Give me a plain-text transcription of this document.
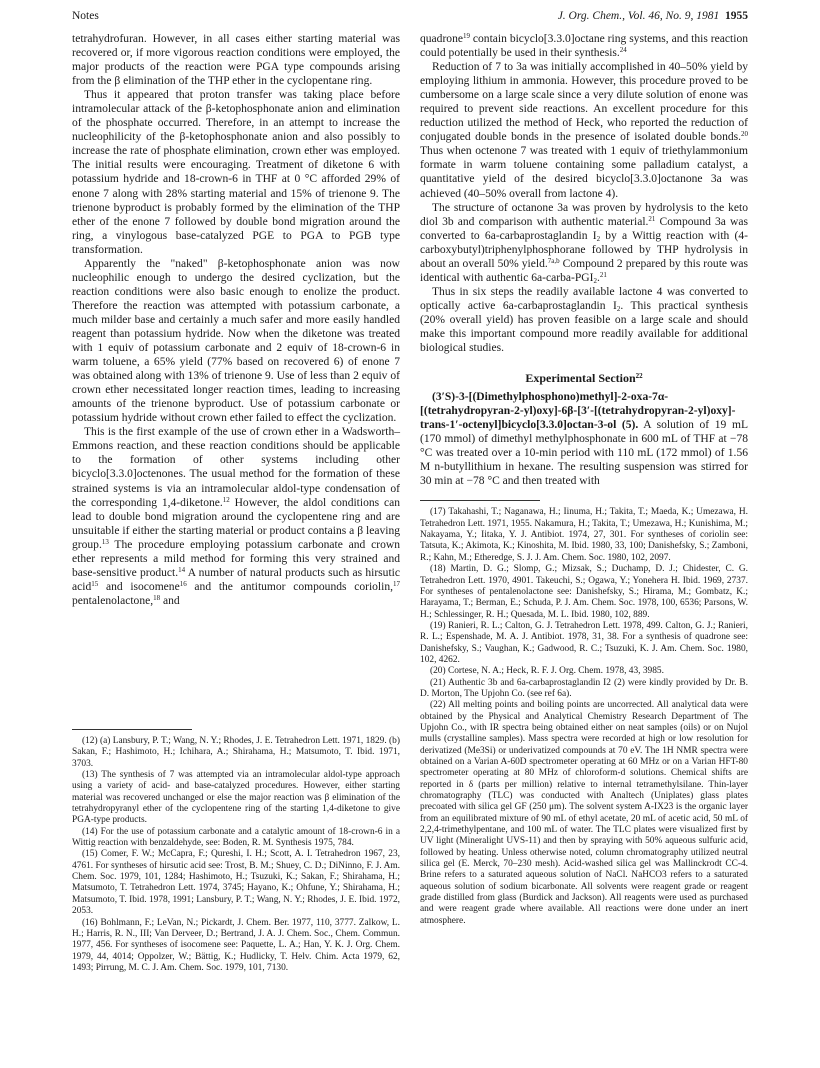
Notes	J. Org. Chem., Vol. 46, No. 9, 1981 1955

tetrahydrofuran. However, in all cases either starting material was recovered or, if more vigorous reaction conditions were employed, the major products of the reaction were PGA type compounds arising from the β elimination of the THP ether in the cyclopentane ring.

Thus it appeared that proton transfer was taking place before intramolecular attack of the β-ketophosphonate anion and elimination of the phosphate occurred. Therefore, in an attempt to increase the nucleophilicity of the β-ketophosphonate anion and also possibly to increase the rate of phosphate elimination, crown ether was employed. The initial results were encouraging. Treatment of diketone 6 with potassium hydride and 18-crown-6 in THF at 0 °C afforded 29% of enone 7 along with 28% starting material and 15% of trienone 9. The trienone byproduct is probably formed by the elimination of the THP ether of the enone 7 followed by double bond migration around the ring, a vinylogous base-catalyzed PGE to PGA to PGB type transformation.

Apparently the "naked" β-ketophosphonate anion was now nucleophilic enough to undergo the desired cyclization, but the reaction conditions were also basic enough to enolize the product. Therefore the reaction was attempted with potassium carbonate, a much milder base and certainly a much safer and more easily handled reagent than potassium hydride. Now when the diketone was treated with 1 equiv of potassium carbonate and 2 equiv of 18-crown-6 in warm toluene, a 65% yield (77% based on recovered 6) of enone 7 was obtained along with 13% of trienone 9. Use of less than 2 equiv of crown ether necessitated longer reaction times, leading to increasing amounts of the trienone byproduct. Use of potassium carbonate or potassium hydride without crown ether failed to effect the cyclization.

This is the first example of the use of crown ether in a Wadsworth–Emmons reaction, and these reaction conditions should be applicable to the formation of other systems including other bicyclo[3.3.0]octenones. The usual method for the formation of these strained systems is via an intramolecular aldol-type condensation of the corresponding 1,4-diketone.$^{12}$ However, the aldol conditions can lead to double bond migration around the cyclopentene ring and are unsuitable if either the starting material or product contains a β leaving group.$^{13}$ The procedure employing potassium carbonate and crown ether represents a mild method for forming this very strained and base-sensitive product.$^{14}$ A number of natural products such as hirsutic acid$^{15}$ and isocomene$^{16}$ and the antitumor compounds coriolin,$^{17}$ pentalenolactone,$^{18}$ and

(12) (a) Lansbury, P. T.; Wang, N. Y.; Rhodes, J. E. Tetrahedron Lett. 1971, 1829. (b) Sakan, F.; Hashimoto, H.; Ichihara, A.; Shirahama, H.; Matsumoto, T. Ibid. 1971, 3703.

(13) The synthesis of 7 was attempted via an intramolecular aldol-type approach using a variety of acid- and base-catalyzed procedures. However, either starting material was recovered unchanged or else the major reaction was β elimination of the tetrahydropyranyl ether of the cyclopentene ring of the starting 1,4-diketone to give PGA-type products.

(14) For the use of potassium carbonate and a catalytic amount of 18-crown-6 in a Wittig reaction with benzaldehyde, see: Boden, R. M. Synthesis 1975, 784.

(15) Comer, F. W.; McCapra, F.; Qureshi, I. H.; Scott, A. I. Tetrahedron 1967, 23, 4761. For syntheses of hirsutic acid see: Trost, B. M.; Shuey, C. D.; DiNinno, F. J. Am. Chem. Soc. 1979, 101, 1284; Hashimoto, H.; Tsuzuki, K.; Sakan, F.; Shirahama, H.; Matsumoto, T. Tetrahedron Lett. 1974, 3745; Hayano, K.; Ohfune, Y.; Shirahama, H.; Matsumoto, T. Ibid. 1978, 1991; Lansbury, P. T.; Wang, N. Y.; Rhodes, J. E. Ibid. 1972, 2053.

(16) Bohlmann, F.; LeVan, N.; Pickardt, J. Chem. Ber. 1977, 110, 3777. Zalkow, L. H.; Harris, R. N., III; Van Derveer, D.; Bertrand, J. A. J. Chem. Soc., Chem. Commun. 1977, 456. For syntheses of isocomene see: Paquette, L. A.; Han, Y. K. J. Org. Chem. 1979, 44, 4014; Oppolzer, W.; Bättig, K.; Hudlicky, T. Helv. Chim. Acta 1979, 62, 1493; Pirrung, M. C. J. Am. Chem. Soc. 1979, 101, 7130.

quadrone$^{19}$ contain bicyclo[3.3.0]octane ring systems, and this reaction could potentially be used in their synthesis.$^{24}$

Reduction of 7 to 3a was initially accomplished in 40–50% yield by employing lithium in ammonia. However, this procedure proved to be cumbersome on a large scale since a very dilute solution of enone was required to prevent side reactions. An excellent procedure for this reduction utilized the method of Heck, who reported the reduction of conjugated double bonds in the presence of isolated double bonds.$^{20}$ Thus when octenone 7 was treated with 1 equiv of triethylammonium formate in warm toluene containing some palladium catalyst, a quantitative yield of the desired bicyclo[3.3.0]octanone 3a was achieved (40–50% overall from lactone 4).

The structure of octanone 3a was proven by hydrolysis to the keto diol 3b and comparison with authentic material.$^{21}$ Compound 3a was converted to 6a-carbaprostaglandin $I_2$ by a Wittig reaction with (4-carboxybutyl)triphenylphosphorane followed by THP hydrolysis in about an overall 50% yield.$^{7a,b}$ Compound 2 prepared by this route was identical with authentic $6a-carba-PGI_2.^{21}$

Thus in six steps the readily available lactone 4 was converted to optically active 6a-carbaprostaglandin $I_2$. This practical synthesis (20% overall yield) has proven feasible on a large scale and should make this important compound more readily available for additional biological studies.

Experimental Section$^{22}$

(3′S)-3-[(Dimethylphosphono)methyl]-2-oxa-7α-[(tetrahydropyran-2-yl)oxy]-6β-[3′-[(tetrahydropyran-2-yl)oxy]-trans-1′-octenyl]bicyclo[3.3.0]octan-3-ol (5). A solution of 19 mL (170 mmol) of dimethyl methylphosphonate in 600 mL of THF at −78 °C was treated over a 10-min period with 110 mL (172 mmol) of 1.56 M n-butyllithium in hexane. The resulting suspension was stirred for 30 min at −78 °C and then treated with

(17) Takahashi, T.; Naganawa, H.; Iinuma, H.; Takita, T.; Maeda, K.; Umezawa, H. Tetrahedron Lett. 1971, 1955. Nakamura, H.; Takita, T.; Umezawa, H.; Kunishima, M.; Nakayama, Y.; Iitaka, Y. J. Antibiot. 1974, 27, 301. For syntheses of coriolin see: Tatsuta, K.; Akimota, K.; Kinoshita, M. Ibid. 1980, 33, 100; Danishefsky, S.; Zamboni, R.; Kahn, M.; Etheredge, S. J. J. Am. Chem. Soc. 1980, 102, 2097.

(18) Martin, D. G.; Slomp, G.; Mizsak, S.; Duchamp, D. J.; Chidester, C. G. Tetrahedron Lett. 1970, 4901. Takeuchi, S.; Ogawa, Y.; Yonehera H. Ibid. 1969, 2737. For syntheses of pentalenolactone see: Danishefsky, S.; Hirama, M.; Gombatz, K.; Harayama, T.; Berman, E.; Schuda, P. J. Am. Chem. Soc. 1978, 100, 6536; Parsons, W. H.; Schlessinger, R. H.; Quesada, M. L. Ibid. 1980, 102, 889.

(19) Ranieri, R. L.; Calton, G. J. Tetrahedron Lett. 1978, 499. Calton, G. J.; Ranieri, R. L.; Espenshade, M. A. J. Antibiot. 1978, 31, 38. For a synthesis of quadrone see: Danishefsky, S.; Vaughan, K.; Gadwood, R. C.; Tsuzuki, K. J. Am. Chem. Soc. 1980, 102, 4262.

(20) Cortese, N. A.; Heck, R. F. J. Org. Chem. 1978, 43, 3985.

(21) Authentic 3b and 6a-carbaprostaglandin I2 (2) were kindly provided by Dr. B. D. Morton, The Upjohn Co. (see ref 6a).

(22) All melting points and boiling points are uncorrected. All analytical data were obtained by the Physical and Analytical Chemistry Research Department of The Upjohn Co., with IR spectra being obtained either on neat samples (oils) or on Nujol mulls (crystalline samples). Mass spectra were recorded at high or low resolution for derivatized (Me3Si) or underivatized compounds at 70 eV. The 1H NMR spectra were obtained on a Varian A-60D spectrometer operating at 60 MHz or on a Varian HFT-80 spectrometer operating at 80 MHz of chloroform-d solutions. Chemical shifts are reported in δ (parts per million) relative to internal tetramethylsilane. Thin-layer chromatography (TLC) was conducted with Analtech (Uniplates) glass plates precoated with silica gel GF (250 μm). The solvent system A-IX23 is the organic layer from an equilibrated mixture of 90 mL of ethyl acetate, 20 mL of acetic acid, 50 mL of 2,2,4-trimethylpentane, and 100 mL of water. The TLC plates were visualized first by UV light (Mineralight UVS-11) and then by spraying with 50% aqueous sulfuric acid, followed by heating. Unless otherwise noted, column chromatography utilized neutral silica gel (E. Merck, 70–230 mesh). Acid-washed silica gel was Mallinckrodt CC-4. Brine refers to a saturated aqueous solution of NaCl. NaHCO3 refers to a saturated aqueous solution of sodium bicarbonate. All solvents were reagent grade or reagent grade distilled from glass (Burdick and Jackson). All reagents were used as purchased and were reagent grade where available. All reactions were done under an inert atmosphere.
